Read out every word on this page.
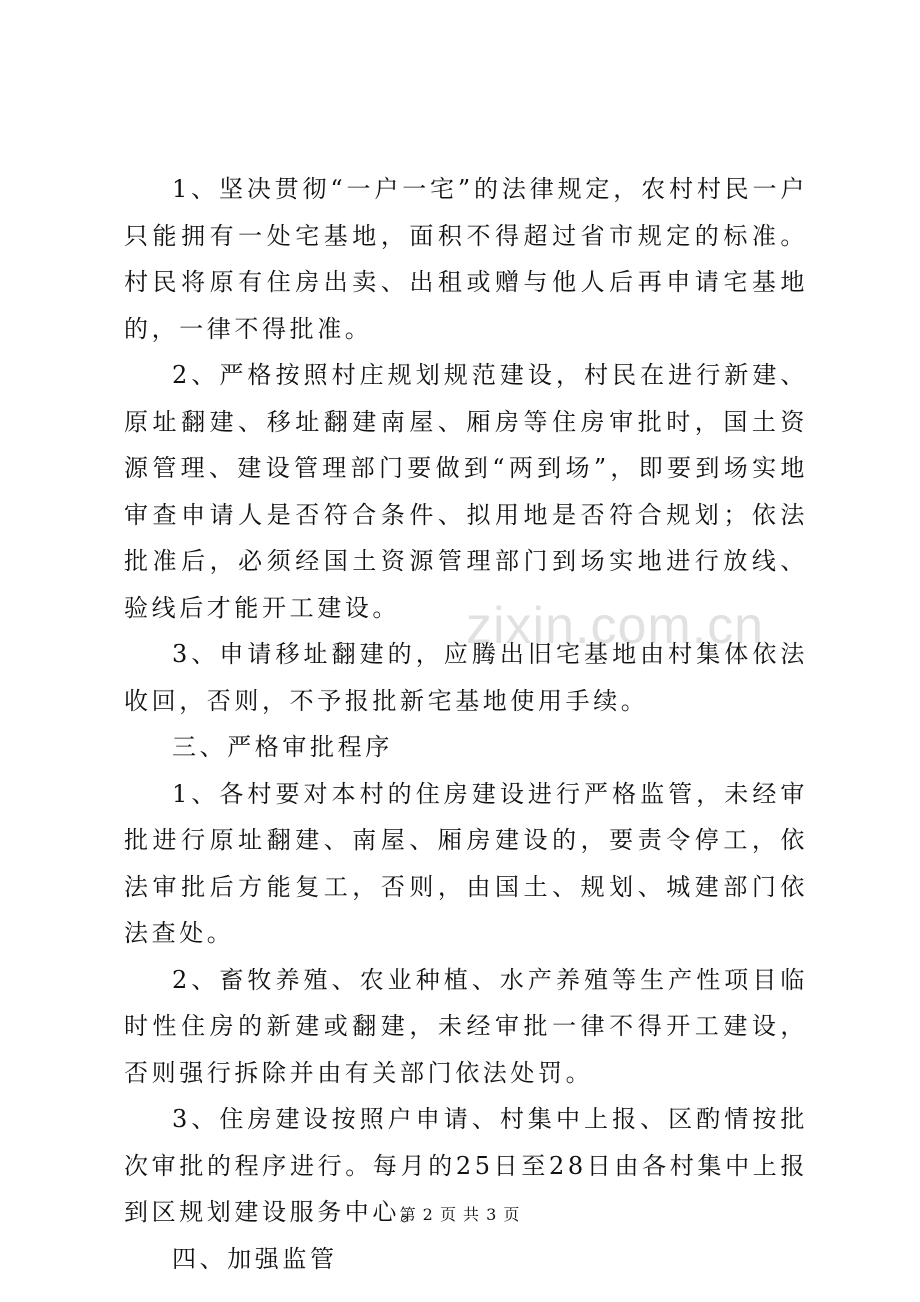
1、坚决贯彻“一户一宅”的法律规定，农村村民一户只能拥有一处宅基地，面积不得超过省市规定的标准。村民将原有住房出卖、出租或赠与他人后再申请宅基地的，一律不得批准。

2、严格按照村庄规划规范建设，村民在进行新建、原址翻建、移址翻建南屋、厢房等住房审批时，国土资源管理、建设管理部门要做到“两到场”，即要到场实地审查申请人是否符合条件、拟用地是否符合规划；依法批准后，必须经国土资源管理部门到场实地进行放线、验线后才能开工建设。

3、申请移址翻建的，应腾出旧宅基地由村集体依法收回，否则，不予报批新宅基地使用手续。

三、严格审批程序

1、各村要对本村的住房建设进行严格监管，未经审批进行原址翻建、南屋、厢房建设的，要责令停工，依法审批后方能复工，否则，由国土、规划、城建部门依法查处。

2、畜牧养殖、农业种植、水产养殖等生产性项目临时性住房的新建或翻建，未经审批一律不得开工建设，否则强行拆除并由有关部门依法处罚。

3、住房建设按照户申请、村集中上报、区酌情按批次审批的程序进行。每月的25日至28日由各村集中上报到区规划建设服务中心。

四、加强监管

zixin.com.cn
第 2 页 共 3 页
